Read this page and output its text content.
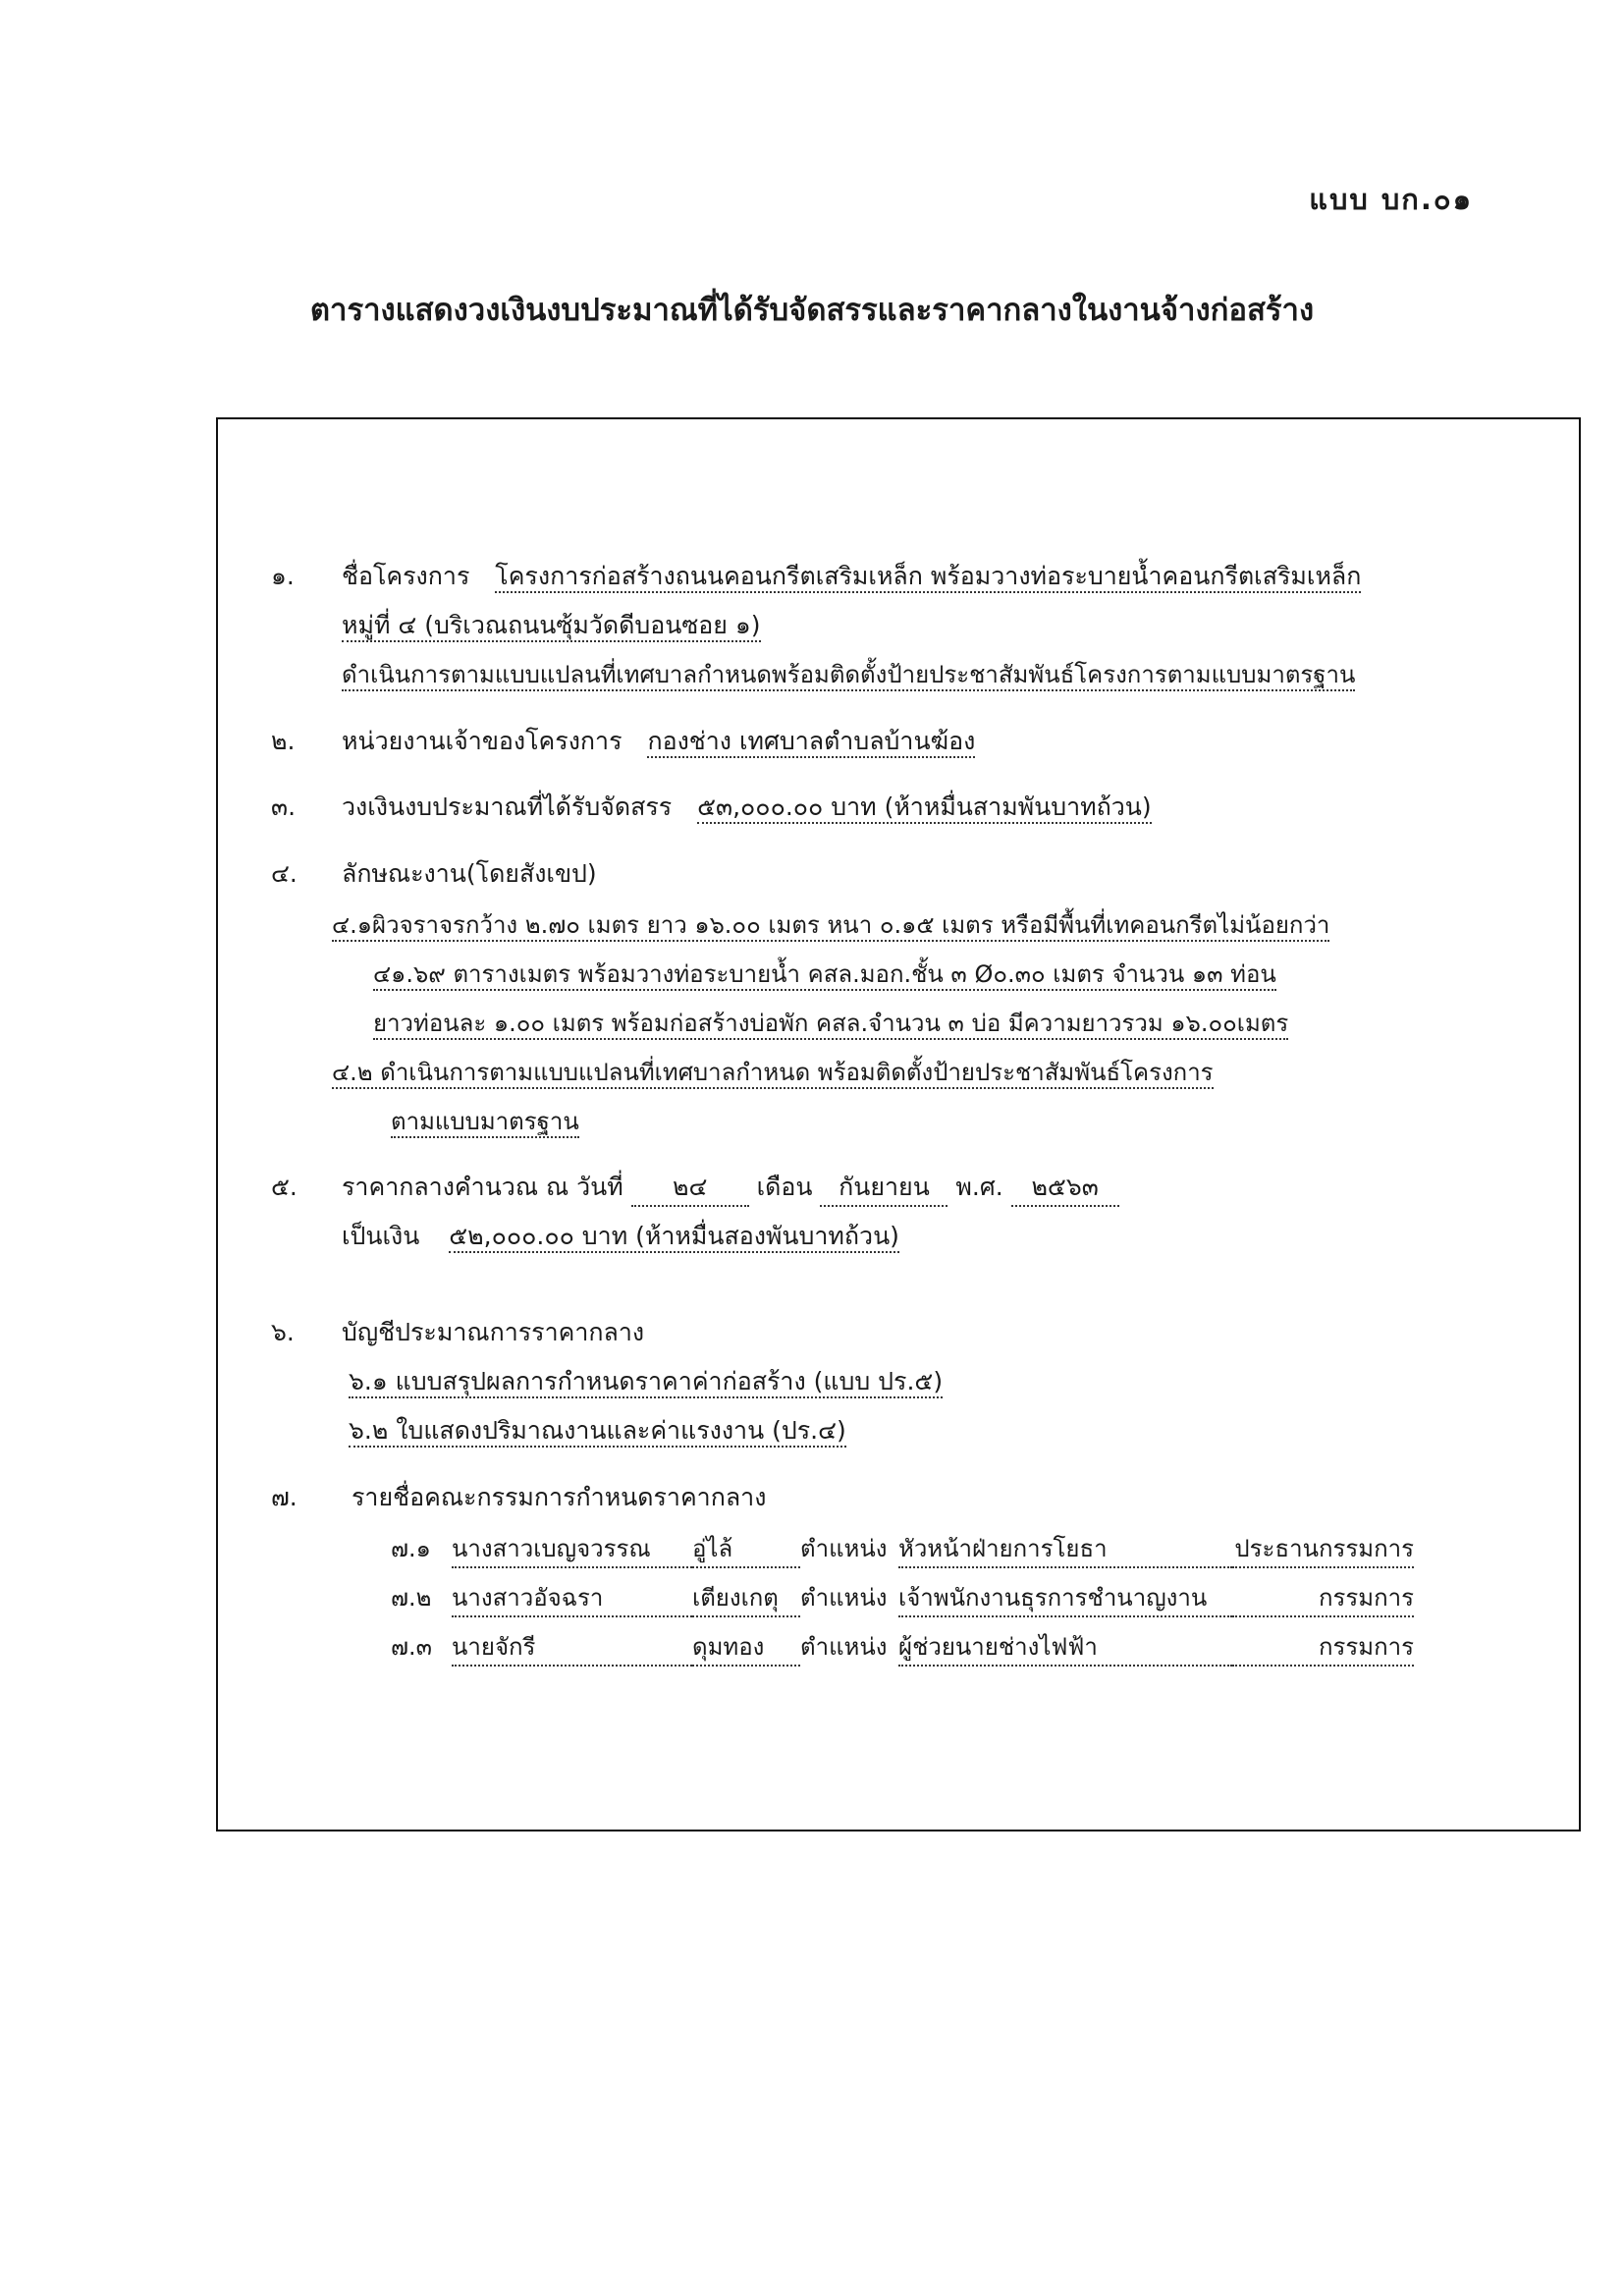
แบบ บก.๐๑
ตารางแสดงวงเงินงบประมาณที่ได้รับจัดสรรและราคากลางในงานจ้างก่อสร้าง
๑. ชื่อโครงการ โครงการก่อสร้างถนนคอนกรีตเสริมเหล็ก พร้อมวางท่อระบายน้ำคอนกรีตเสริมเหล็ก
หมู่ที่ ๔ (บริเวณถนนซุ้มวัดดีบอนซอย ๑)
ดำเนินการตามแบบแปลนที่เทศบาลกำหนดพร้อมติดตั้งป้ายประชาสัมพันธ์โครงการตามแบบมาตรฐาน
๒. หน่วยงานเจ้าของโครงการ กองช่าง เทศบาลตำบลบ้านฆ้อง
๓. วงเงินงบประมาณที่ได้รับจัดสรร ๕๓,๐๐๐.๐๐ บาท (ห้าหมื่นสามพันบาทถ้วน)
๔. ลักษณะงาน(โดยสังเขป)
๔.๑ผิวจราจรกว้าง ๒.๗๐ เมตร ยาว ๑๖.๐๐ เมตร หนา ๐.๑๕ เมตร หรือมีพื้นที่เทคอนกรีตไม่น้อยกว่า
๔๑.๖๙ ตารางเมตร พร้อมวางท่อระบายน้ำ คสล.มอก.ชั้น ๓ Ø๐.๓๐ เมตร จำนวน ๑๓ ท่อน
ยาวท่อนละ ๑.๐๐ เมตร พร้อมก่อสร้างบ่อพัก คสล.จำนวน ๓ บ่อ มีความยาวรวม ๑๖.๐๐เมตร
๔.๒ ดำเนินการตามแบบแปลนที่เทศบาลกำหนด พร้อมติดตั้งป้ายประชาสัมพันธ์โครงการ
ตามแบบมาตรฐาน
๕. ราคากลางคำนวณ ณ วันที่ ๒๔ เดือน กันยายน พ.ศ. ๒๕๖๓
เป็นเงิน ๕๒,๐๐๐.๐๐ บาท (ห้าหมื่นสองพันบาทถ้วน)
๖. บัญชีประมาณการราคากลาง
๖.๑ แบบสรุปผลการกำหนดราคาค่าก่อสร้าง (แบบ ปร.๕)
๖.๒ ใบแสดงปริมาณงานและค่าแรงงาน (ปร.๔)
๗. รายชื่อคณะกรรมการกำหนดราคากลาง
๗.๑ นางสาวเบญจวรรณ อู่ไล้	ตำแหน่ง หัวหน้าฝ่ายการโยธา	ประธานกรรมการ
๗.๒ นางสาวอัจฉรา	เตียงเกตุ ตำแหน่ง เจ้าพนักงานธุรการชำนาญงาน	กรรมการ
๗.๓ นายจักรี	ดุมทอง ตำแหน่ง ผู้ช่วยนายช่างไฟฟ้า	กรรมการ
